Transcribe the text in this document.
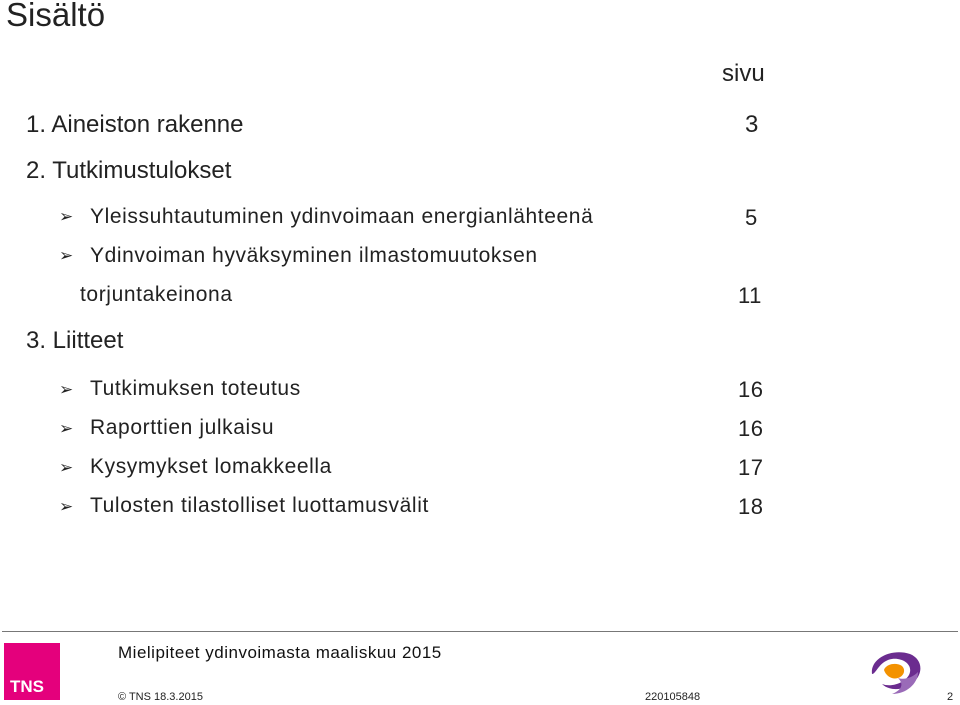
Sisältö
sivu
1. Aineiston rakenne	3
2. Tutkimustulokset
➢ Yleissuhtautuminen ydinvoimaan energianlähteenä	5
➢ Ydinvoiman hyväksyminen ilmastomuutoksen
torjuntakeinona	11
3. Liitteet
➢ Tutkimuksen toteutus	16
➢ Raporttien julkaisu	16
➢ Kysymykset lomakkeella	17
➢ Tulosten tilastolliset luottamusvälit	18
TNS
Mielipiteet ydinvoimasta maaliskuu 2015
© TNS 18.3.2015	220105848	2
